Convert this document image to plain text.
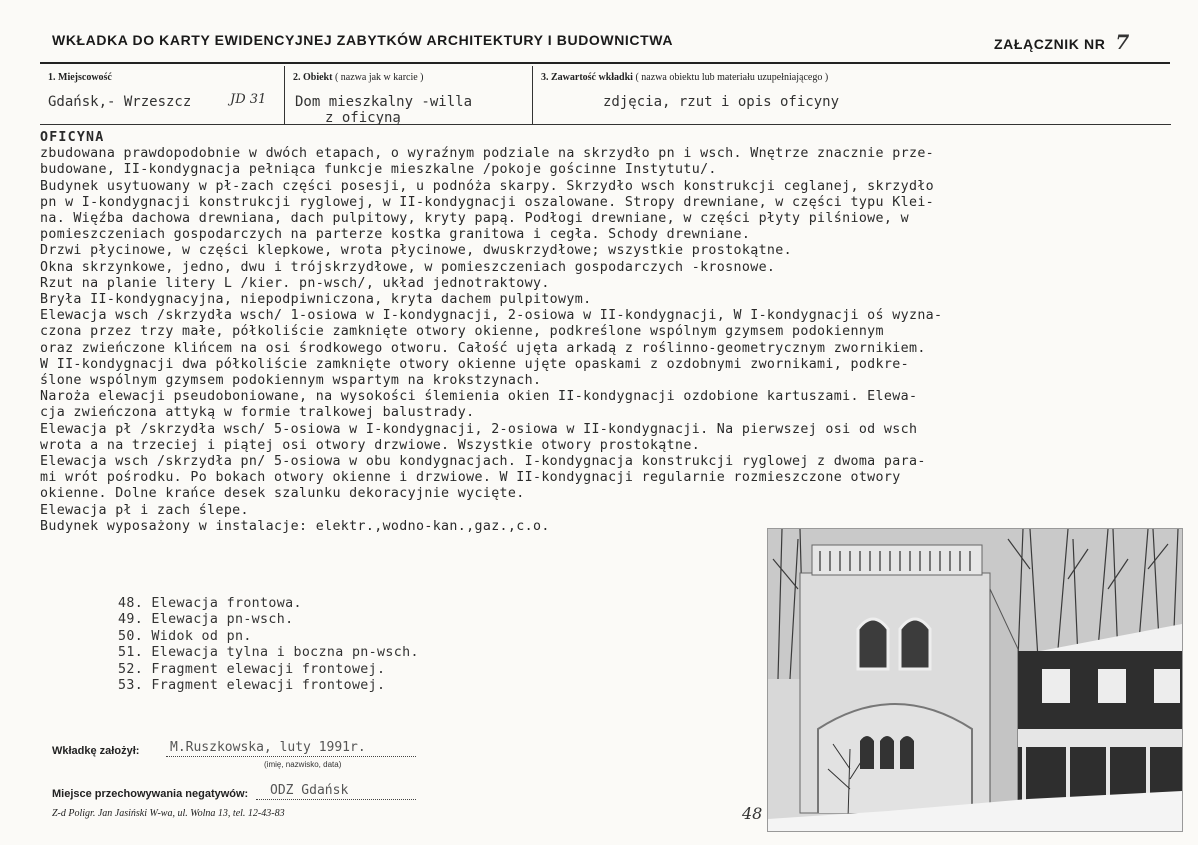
WKŁADKA DO KARTY EWIDENCYJNEJ ZABYTKÓW ARCHITEKTURY I BUDOWNICTWA	ZAŁĄCZNIK NR 7
1. Miejscowość
Gdańsk,- Wrzeszcz	JD 31
2. Obiekt ( nazwa jak w karcie )
Dom mieszkalny -willa
z oficyną
3. Zawartość wkładki ( nazwa obiektu lub materiału uzupełniającego )
zdjęcia, rzut i opis oficyny
OFICYNA
zbudowana prawdopodobnie w dwóch etapach, o wyraźnym podziale na skrzydło pn i wsch. Wnętrze znacznie prze-
budowane, II-kondygnacja pełniąca funkcje mieszkalne /pokoje gościnne Instytutu/.
Budynek usytuowany w pł-zach części posesji, u podnóża skarpy. Skrzydło wsch konstrukcji ceglanej, skrzydło
pn w I-kondygnacji konstrukcji ryglowej, w II-kondygnacji oszalowane. Stropy drewniane, w części typu Klei-
na. Więźba dachowa drewniana, dach pulpitowy, kryty papą. Podłogi drewniane, w części płyty pilśniowe, w
pomieszczeniach gospodarczych na parterze kostka granitowa i cegła. Schody drewniane.
Drzwi płycinowe, w części klepkowe, wrota płycinowe, dwuskrzydłowe; wszystkie prostokątne.
Okna skrzynkowe, jedno, dwu i trójskrzydłowe, w pomieszczeniach gospodarczych -krosnowe.
Rzut na planie litery L /kier. pn-wsch/, układ jednotraktowy.
Bryła II-kondygnacyjna, niepodpiwniczona, kryta dachem pulpitowym.
Elewacja wsch /skrzydła wsch/ 1-osiowa w I-kondygnacji, 2-osiowa w II-kondygnacji, W I-kondygnacji oś wyzna-
czona przez trzy małe, półkoliście zamknięte otwory okienne, podkreślone wspólnym gzymsem podokiennym
oraz zwieńczone klińcem na osi środkowego otworu. Całość ujęta arkadą z roślinno-geometrycznym zwornikiem.
W II-kondygnacji dwa półkoliście zamknięte otwory okienne ujęte opaskami z ozdobnymi zwornikami, podkre-
ślone wspólnym gzymsem podokiennym wspartym na krokstzynach.
Naroża elewacji pseudoboniowane, na wysokości ślemienia okien II-kondygnacji ozdobione kartuszami. Elewa-
cja zwieńczona attyką w formie tralkowej balustrady.
Elewacja pł /skrzydła wsch/ 5-osiowa w I-kondygnacji, 2-osiowa w II-kondygnacji. Na pierwszej osi od wsch
wrota a na trzeciej i piątej osi otwory drzwiowe. Wszystkie otwory prostokątne.
Elewacja wsch /skrzydła pn/ 5-osiowa w obu kondygnacjach. I-kondygnacja konstrukcji ryglowej z dwoma para-
mi wrót pośrodku. Po bokach otwory okienne i drzwiowe. W II-kondygnacji regularnie rozmieszczone otwory
okienne. Dolne krańce desek szalunku dekoracyjnie wycięte.
Elewacja pł i zach ślepe.
Budynek wyposażony w instalacje: elektr.,wodno-kan.,gaz.,c.o.
48. Elewacja frontowa.
49. Elewacja pn-wsch.
50. Widok od pn.
51. Elewacja tylna i boczna pn-wsch.
52. Fragment elewacji frontowej.
53. Fragment elewacji frontowej.
48
Wkładkę założył: M.Ruszkowska, luty 1991r.
(imię, nazwisko, data)
Miejsce przechowywania negatywów: ODZ Gdańsk
Z-d Poligr. Jan Jasiński W-wa, ul. Wolna 13, tel. 12-43-83
